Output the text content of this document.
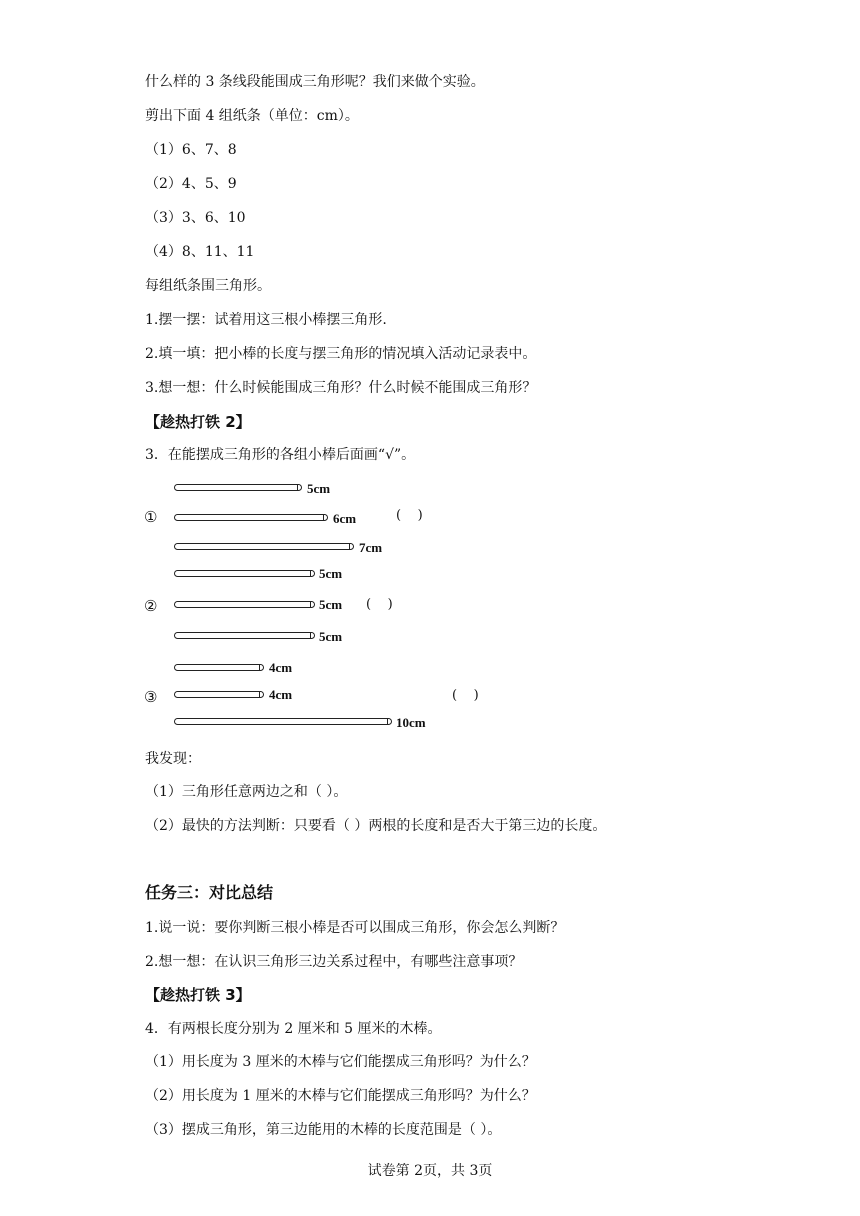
什么样的 3 条线段能围成三角形呢？我们来做个实验。
剪出下面 4 组纸条（单位：cm）。
（1）6、7、8
（2）4、5、9
（3）3、6、10
（4）8、11、11
每组纸条围三角形。
1.摆一摆：试着用这三根小棒摆三角形.
2.填一填：把小棒的长度与摆三角形的情况填入活动记录表中。
3.想一想：什么时候能围成三角形？什么时候不能围成三角形？
【趁热打铁 2】
3．在能摆成三角形的各组小棒后面画“√”。
5cm
①	6cm	(    )
7cm
5cm
②	5cm (    )
5cm
4cm
③	4cm	(    )
10cm
我发现：
（1）三角形任意两边之和（ ）。
（2）最快的方法判断：只要看（ ）两根的长度和是否大于第三边的长度。
任务三：对比总结
1.说一说：要你判断三根小棒是否可以围成三角形，你会怎么判断？
2.想一想：在认识三角形三边关系过程中，有哪些注意事项？
【趁热打铁 3】
4．有两根长度分别为 2 厘米和 5 厘米的木棒。
（1）用长度为 3 厘米的木棒与它们能摆成三角形吗？为什么？
（2）用长度为 1 厘米的木棒与它们能摆成三角形吗？为什么？
（3）摆成三角形，第三边能用的木棒的长度范围是（ ）。
试卷第 2页，共 3页
